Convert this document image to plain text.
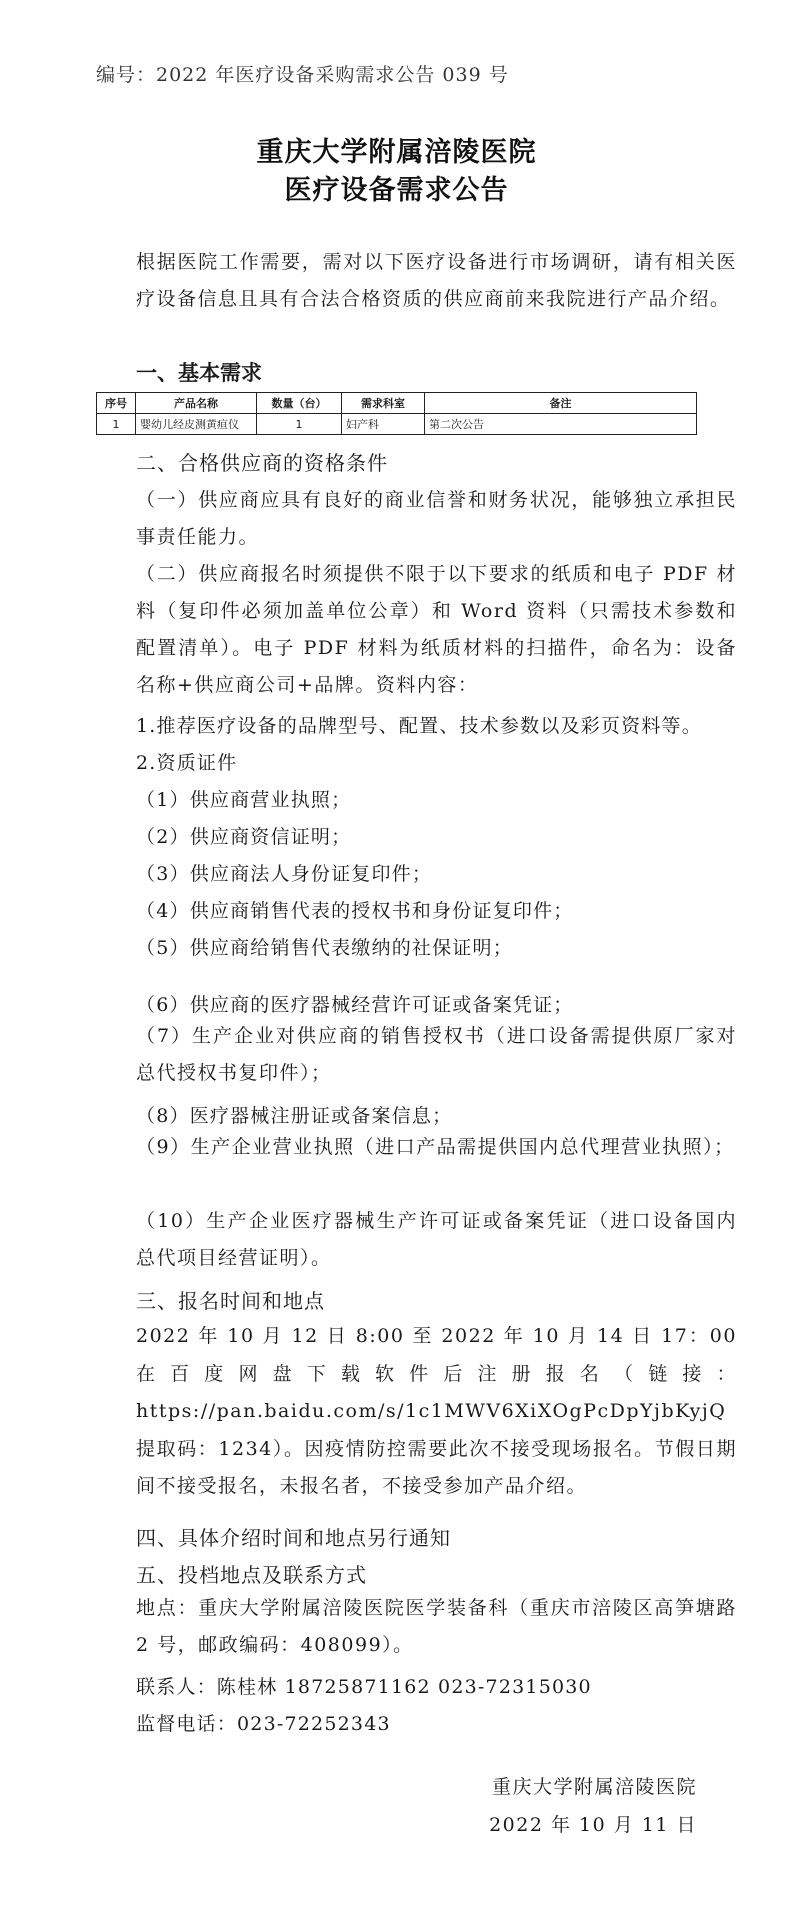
编号：2022 年医疗设备采购需求公告 039 号
重庆大学附属涪陵医院
医疗设备需求公告
根据医院工作需要，需对以下医疗设备进行市场调研，请有相关医疗设备信息且具有合法合格资质的供应商前来我院进行产品介绍。
一、基本需求
序号	产品名称	数量（台）	需求科室	备注
1	婴幼儿经皮测黄疸仪	1	妇产科	第二次公告
二、合格供应商的资格条件
（一）供应商应具有良好的商业信誉和财务状况，能够独立承担民事责任能力。
（二）供应商报名时须提供不限于以下要求的纸质和电子 PDF 材料（复印件必须加盖单位公章）和 Word 资料（只需技术参数和配置清单）。电子 PDF 材料为纸质材料的扫描件，命名为：设备名称+供应商公司+品牌。资料内容：
1.推荐医疗设备的品牌型号、配置、技术参数以及彩页资料等。
2.资质证件
（1）供应商营业执照；
（2）供应商资信证明；
（3）供应商法人身份证复印件；
（4）供应商销售代表的授权书和身份证复印件；
（5）供应商给销售代表缴纳的社保证明；
（6）供应商的医疗器械经营许可证或备案凭证；
（7）生产企业对供应商的销售授权书（进口设备需提供原厂家对总代授权书复印件）；
（8）医疗器械注册证或备案信息；
（9）生产企业营业执照（进口产品需提供国内总代理营业执照）；
（10）生产企业医疗器械生产许可证或备案凭证（进口设备国内总代项目经营证明）。
三、报名时间和地点
2022 年 10 月 12 日 8:00 至 2022 年 10 月 14 日 17：00 在百度网盘下载软件后注册报名（链接：https://pan.baidu.com/s/1c1MWV6XiXOgPcDpYjbKyjQ 提取码：1234）。因疫情防控需要此次不接受现场报名。节假日期间不接受报名，未报名者，不接受参加产品介绍。
四、具体介绍时间和地点另行通知
五、投档地点及联系方式
地点：重庆大学附属涪陵医院医学装备科（重庆市涪陵区高笋塘路 2 号，邮政编码：408099）。
联系人：陈桂林 18725871162 023-72315030
监督电话：023-72252343
重庆大学附属涪陵医院
2022 年 10 月 11 日
